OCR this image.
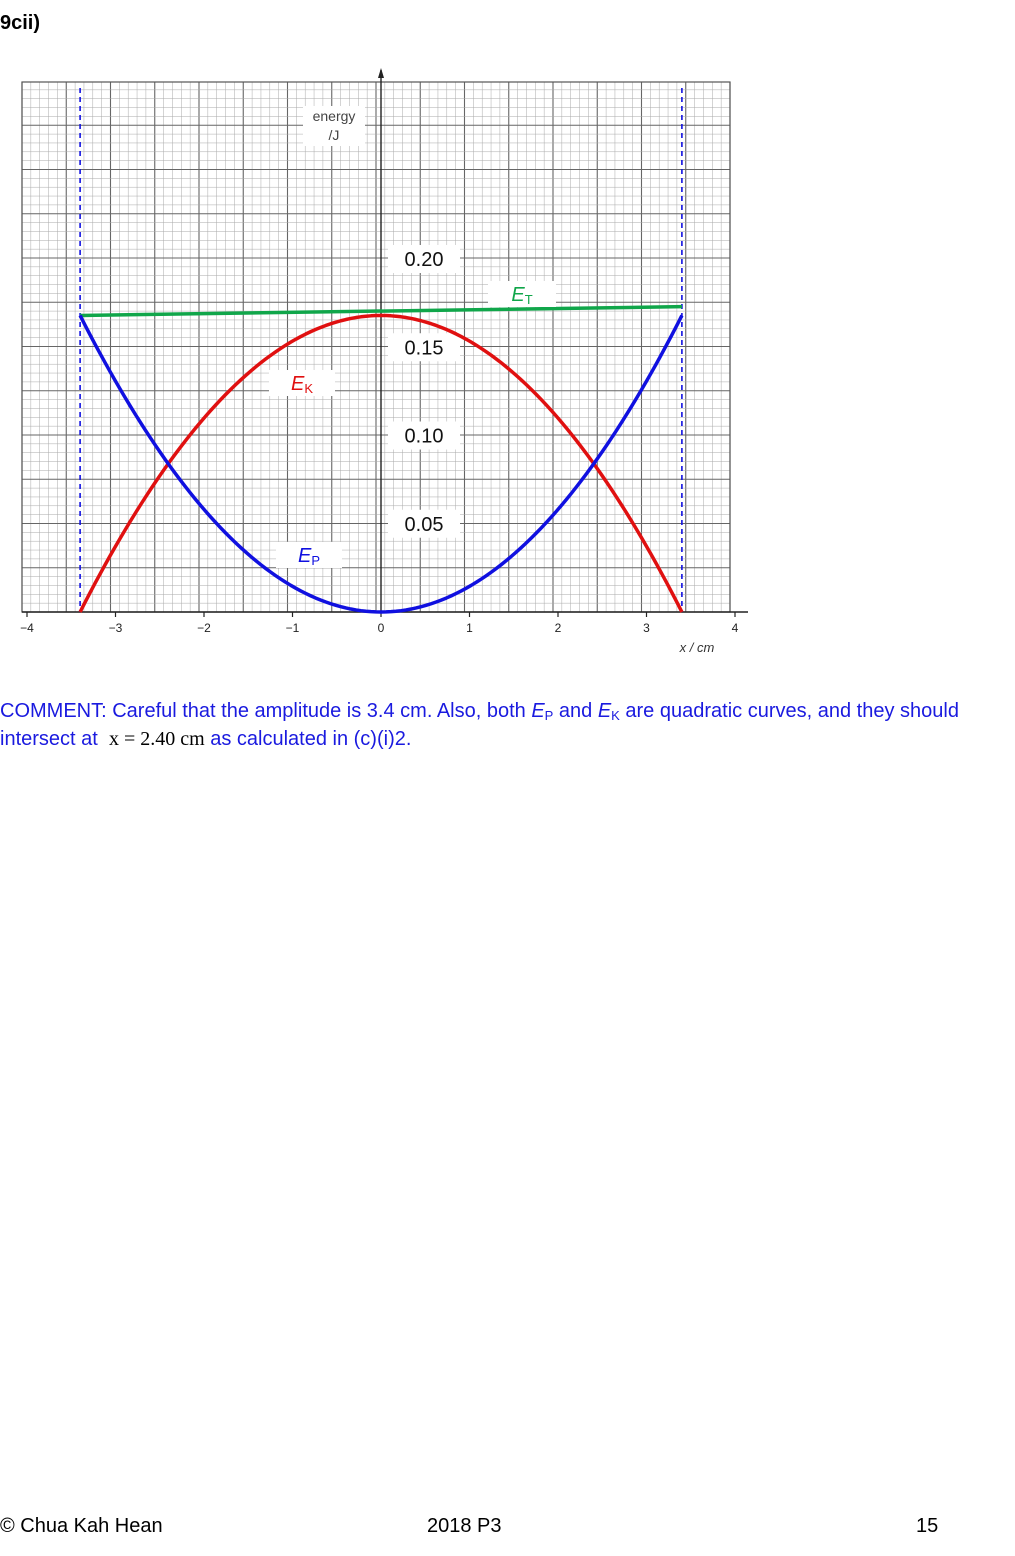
9cii)
−4	−3	−2	−1	0	1	2	3	4
x / cm
energy
/J
0.05
0.10
0.15
0.20
ET
EK
EP
COMMENT: Careful that the amplitude is 3.4 cm. Also, both $E_P$ and $E_K$ are quadratic curves, and they should intersect at  x = 2.40 cm as calculated in (c)(i)2.
© Chua Kah Hean	2018 P3	15
